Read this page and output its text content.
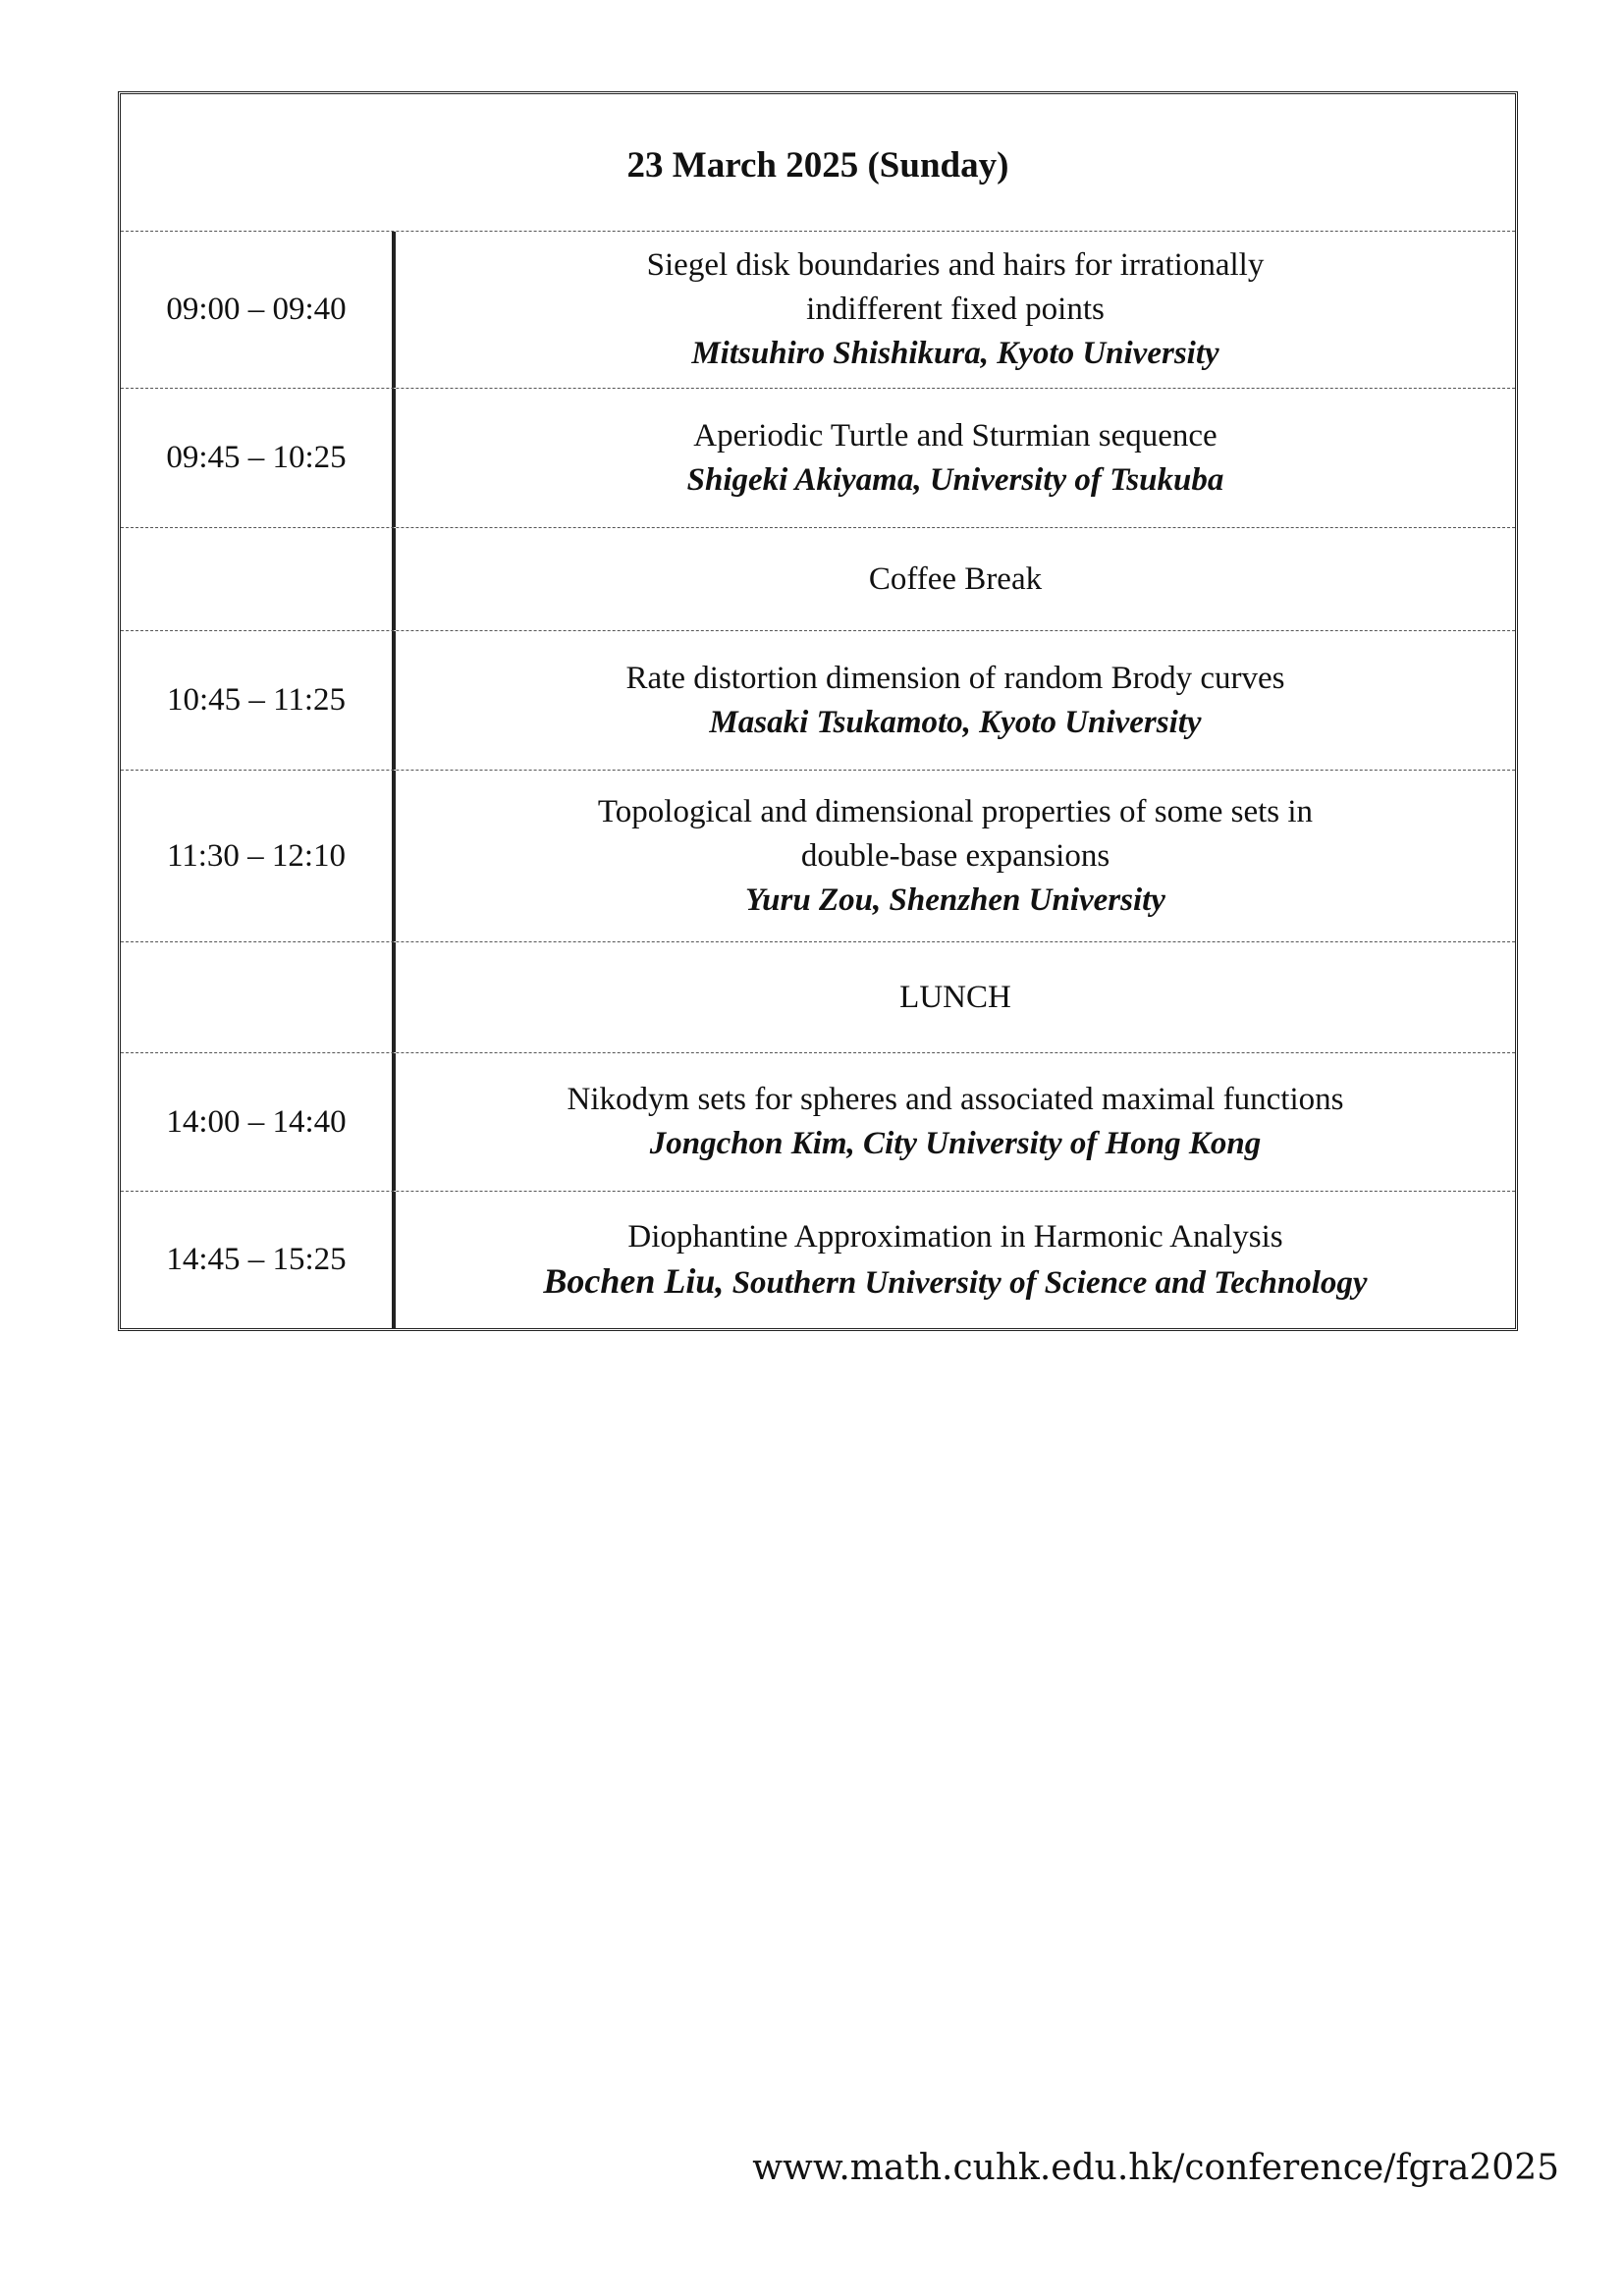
23 March 2025 (Sunday)
09:00 – 09:40
Siegel disk boundaries and hairs for irrationally
indifferent fixed points
Mitsuhiro Shishikura, Kyoto University
09:45 – 10:25
Aperiodic Turtle and Sturmian sequence
Shigeki Akiyama, University of Tsukuba
Coffee Break
10:45 – 11:25
Rate distortion dimension of random Brody curves
Masaki Tsukamoto, Kyoto University
11:30 – 12:10
Topological and dimensional properties of some sets in
double-base expansions
Yuru Zou, Shenzhen University
LUNCH
14:00 – 14:40
Nikodym sets for spheres and associated maximal functions
Jongchon Kim, City University of Hong Kong
14:45 – 15:25
Diophantine Approximation in Harmonic Analysis
Bochen Liu, Southern University of Science and Technology
www.math.cuhk.edu.hk/conference/fgra2025
